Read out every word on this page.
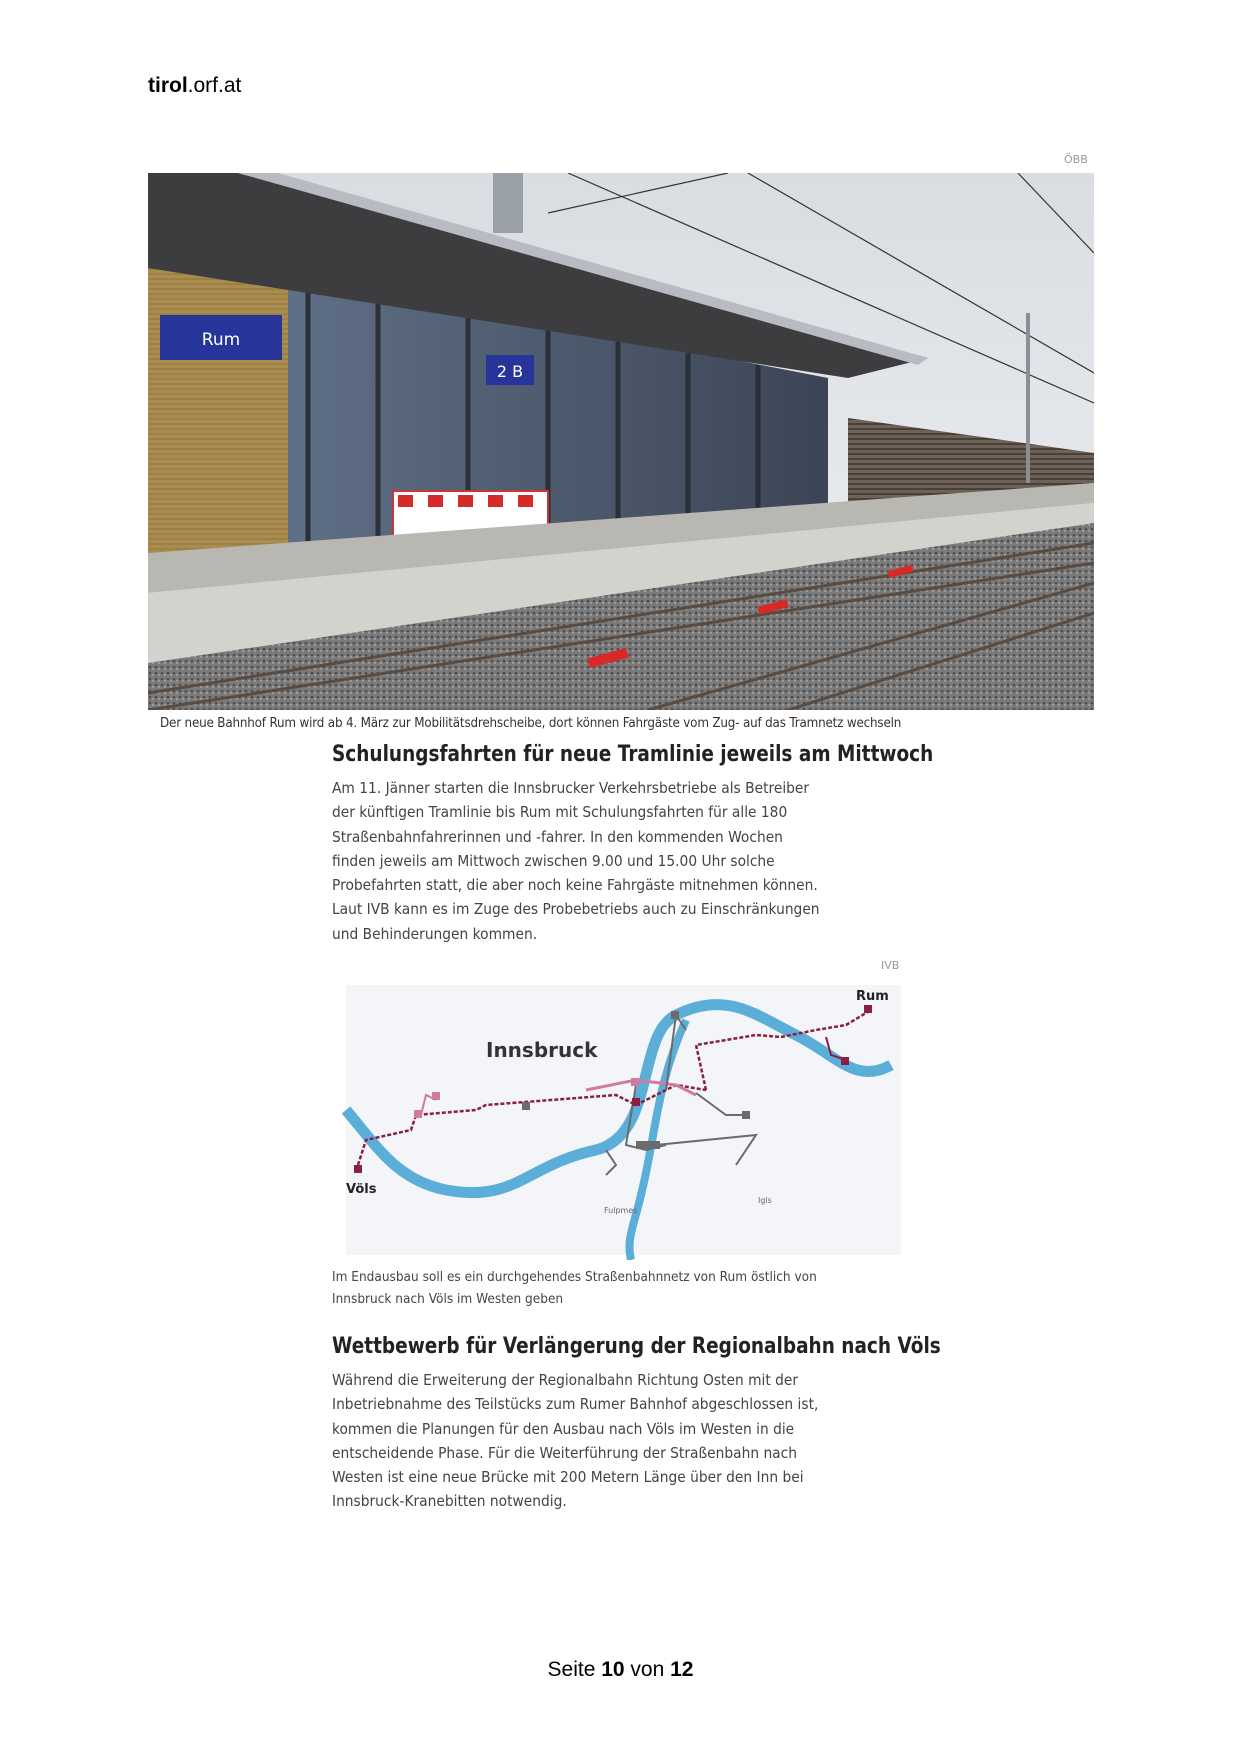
tirol.orf.at
ÖBB
Rum
2 B
Der neue Bahnhof Rum wird ab 4. März zur Mobilitätsdrehscheibe, dort können Fahrgäste vom Zug- auf das Tramnetz wechseln
Schulungsfahrten für neue Tramlinie jeweils am Mittwoch
Am 11. Jänner starten die Innsbrucker Verkehrsbetriebe als Betreiber
der künftigen Tramlinie bis Rum mit Schulungsfahrten für alle 180
Straßenbahnfahrerinnen und -fahrer. In den kommenden Wochen
finden jeweils am Mittwoch zwischen 9.00 und 15.00 Uhr solche
Probefahrten statt, die aber noch keine Fahrgäste mitnehmen können.
Laut IVB kann es im Zuge des Probebetriebs auch zu Einschränkungen
und Behinderungen kommen.
IVB
Innsbruck
Rum
Völs
Fulpmes
Igls
Im Endausbau soll es ein durchgehendes Straßenbahnnetz von Rum östlich von
Innsbruck nach Völs im Westen geben
Wettbewerb für Verlängerung der Regionalbahn nach Völs
Während die Erweiterung der Regionalbahn Richtung Osten mit der
Inbetriebnahme des Teilstücks zum Rumer Bahnhof abgeschlossen ist,
kommen die Planungen für den Ausbau nach Völs im Westen in die
entscheidende Phase. Für die Weiterführung der Straßenbahn nach
Westen ist eine neue Brücke mit 200 Metern Länge über den Inn bei
Innsbruck-Kranebitten notwendig.
Seite 10 von 12
